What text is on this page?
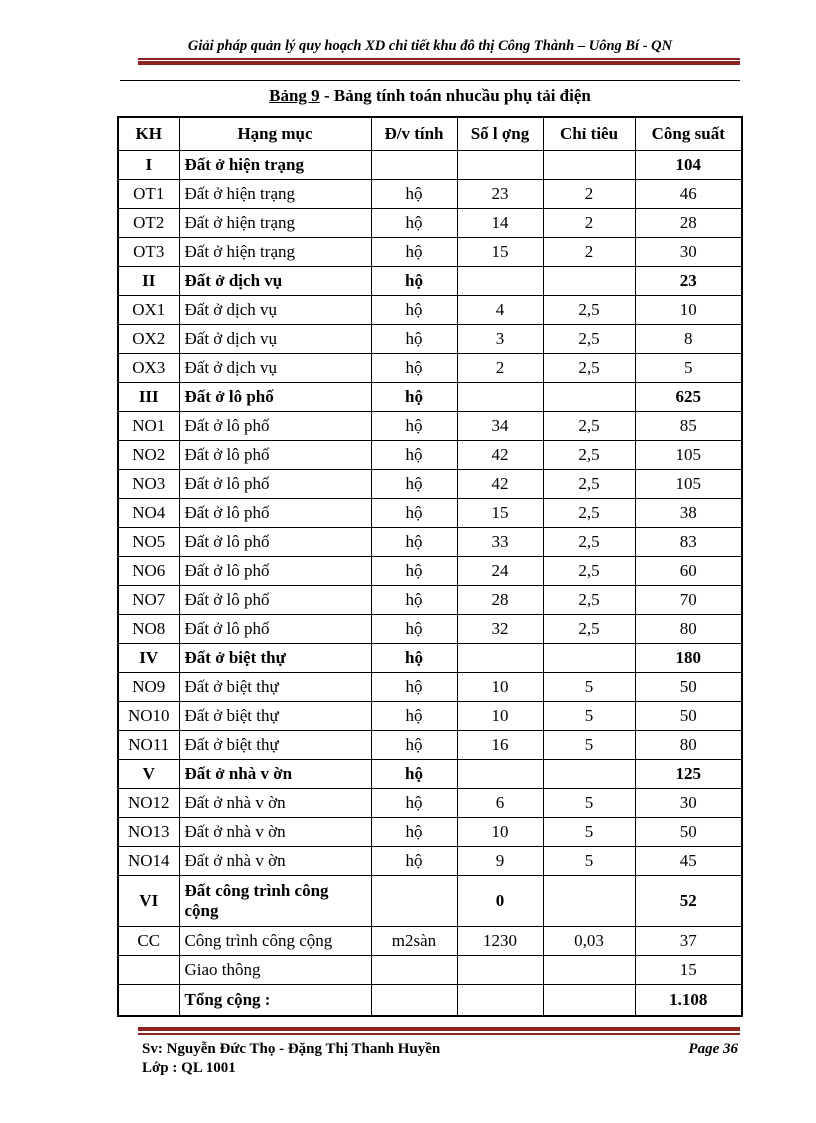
Giải pháp quản lý quy hoạch XD chi tiết khu đô thị Công Thành – Uông Bí - QN
Bảng 9 - Bảng tính toán nhucầu phụ tải điện
KH	Hạng mục	Đ/v tính	Số l ợng	Chỉ tiêu	Công suất
I	Đất ở hiện trạng				104
OT1	Đất ở hiện trạng	hộ	23	2	46
OT2	Đất ở hiện trạng	hộ	14	2	28
OT3	Đất ở hiện trạng	hộ	15	2	30
II	Đất ở dịch vụ	hộ			23
OX1	Đất ở dịch vụ	hộ	4	2,5	10
OX2	Đất ở dịch vụ	hộ	3	2,5	8
OX3	Đất ở dịch vụ	hộ	2	2,5	5
III	Đất ở lô phố	hộ			625
NO1	Đất ở lô phố	hộ	34	2,5	85
NO2	Đất ở lô phố	hộ	42	2,5	105
NO3	Đất ở lô phố	hộ	42	2,5	105
NO4	Đất ở lô phố	hộ	15	2,5	38
NO5	Đất ở lô phố	hộ	33	2,5	83
NO6	Đất ở lô phố	hộ	24	2,5	60
NO7	Đất ở lô phố	hộ	28	2,5	70
NO8	Đất ở lô phố	hộ	32	2,5	80
IV	Đất ở biệt thự	hộ			180
NO9	Đất ở biệt thự	hộ	10	5	50
NO10	Đất ở biệt thự	hộ	10	5	50
NO11	Đất ở biệt thự	hộ	16	5	80
V	Đất ở nhà v ờn	hộ			125
NO12	Đất ở nhà v ờn	hộ	6	5	30
NO13	Đất ở nhà v ờn	hộ	10	5	50
NO14	Đất ở nhà v ờn	hộ	9	5	45
VI	Đất công trình công cộng		0		52
CC	Công trình công cộng	m2sàn	1230	0,03	37
	Giao thông				15
	Tổng cộng :				1.108
Sv: Nguyễn Đức Thọ - Đặng Thị Thanh Huyền
Lớp : QL 1001
Page 36
